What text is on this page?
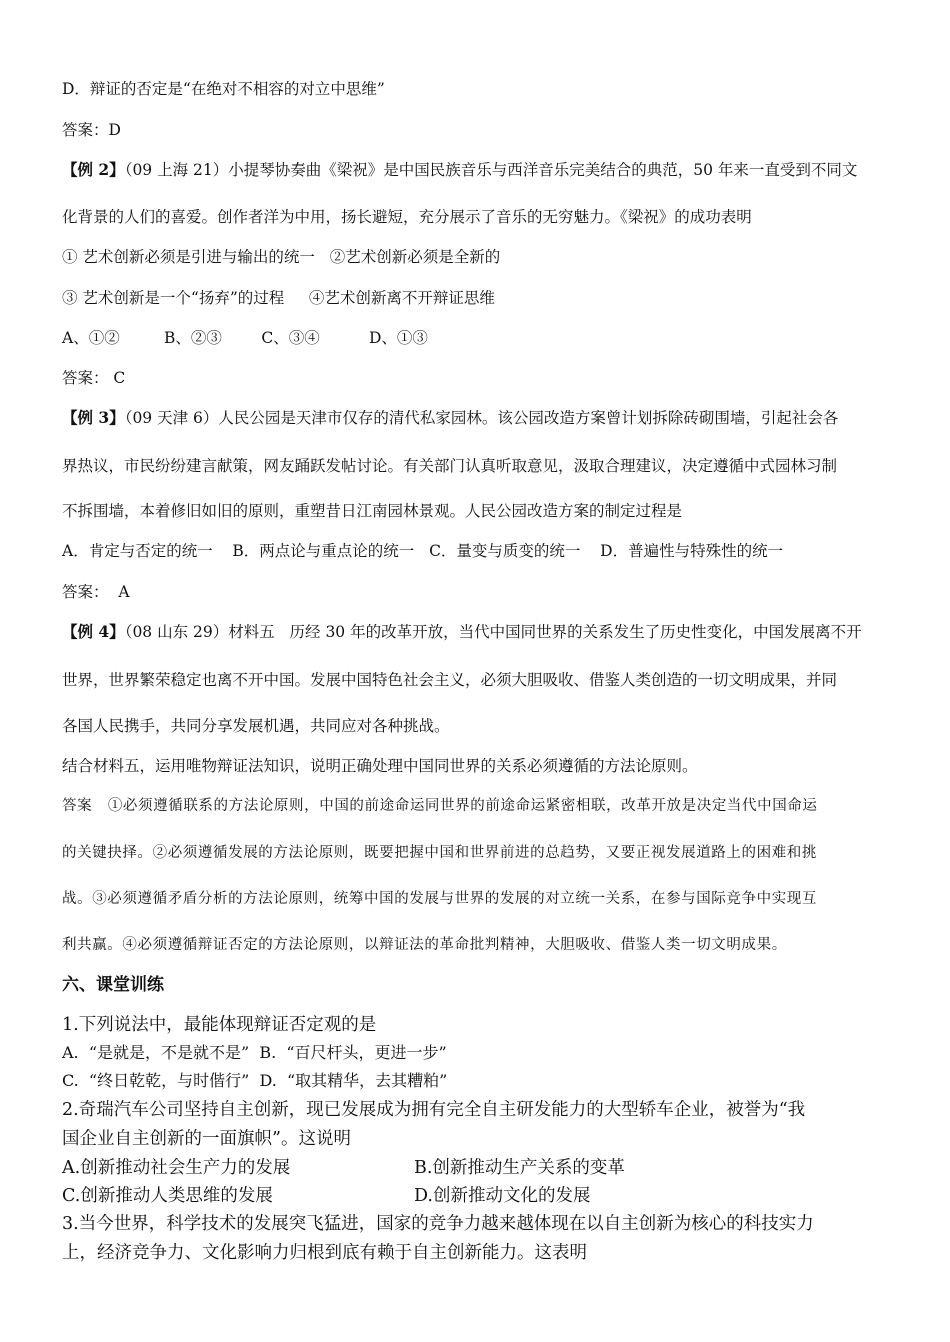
D．辩证的否定是“在绝对不相容的对立中思维”
答案：D
【例 2】（09 上海 21）小提琴协奏曲《梁祝》是中国民族音乐与西洋音乐完美结合的典范，50 年来一直受到不同文
化背景的人们的喜爱。创作者洋为中用，扬长避短，充分展示了音乐的无穷魅力。《梁祝》的成功表明
① 艺术创新必须是引进与输出的统一   ②艺术创新必须是全新的
③ 艺术创新是一个“扬弃”的过程     ④艺术创新离不开辩证思维
A、①②         B、②③        C、③④          D、①③
答案： C
【例 3】（09 天津 6）人民公园是天津市仅存的清代私家园林。该公园改造方案曾计划拆除砖砌围墙，引起社会各
界热议，市民纷纷建言献策，网友踊跃发帖讨论。有关部门认真听取意见，汲取合理建议，决定遵循中式园林习制
不拆围墙，本着修旧如旧的原则，重塑昔日江南园林景观。人民公园改造方案的制定过程是
A．肯定与否定的统一    B．两点论与重点论的统一   C．量变与质变的统一    D．普遍性与特殊性的统一
答案：  A
【例 4】（08 山东 29）材料五   历经 30 年的改革开放，当代中国同世界的关系发生了历史性变化，中国发展离不开
世界，世界繁荣稳定也离不开中国。发展中国特色社会主义，必须大胆吸收、借鉴人类创造的一切文明成果，并同
各国人民携手，共同分享发展机遇，共同应对各种挑战。
结合材料五，运用唯物辩证法知识，说明正确处理中国同世界的关系必须遵循的方法论原则。
答案   ①必须遵循联系的方法论原则，中国的前途命运同世界的前途命运紧密相联，改革开放是决定当代中国命运
的关键抉择。②必须遵循发展的方法论原则，既要把握中国和世界前进的总趋势，又要正视发展道路上的困难和挑
战。③必须遵循矛盾分析的方法论原则，统筹中国的发展与世界的发展的对立统一关系，在参与国际竞争中实现互
利共赢。④必须遵循辩证否定的方法论原则，以辩证法的革命批判精神，大胆吸收、借鉴人类一切文明成果。
六、课堂训练
1.下列说法中，最能体现辩证否定观的是
A.  “是就是，不是就不是”  B.  “百尺杆头，更进一步”
C.  “终日乾乾，与时偕行”  D.  “取其精华，去其糟粕”
2.奇瑞汽车公司坚持自主创新，现已发展成为拥有完全自主研发能力的大型轿车企业，被誉为“我
国企业自主创新的一面旗帜”。这说明
A.创新推动社会生产力的发展	B.创新推动生产关系的变革
C.创新推动人类思维的发展	D.创新推动文化的发展
3.当今世界，科学技术的发展突飞猛进，国家的竞争力越来越体现在以自主创新为核心的科技实力
上，经济竞争力、文化影响力归根到底有赖于自主创新能力。这表明
